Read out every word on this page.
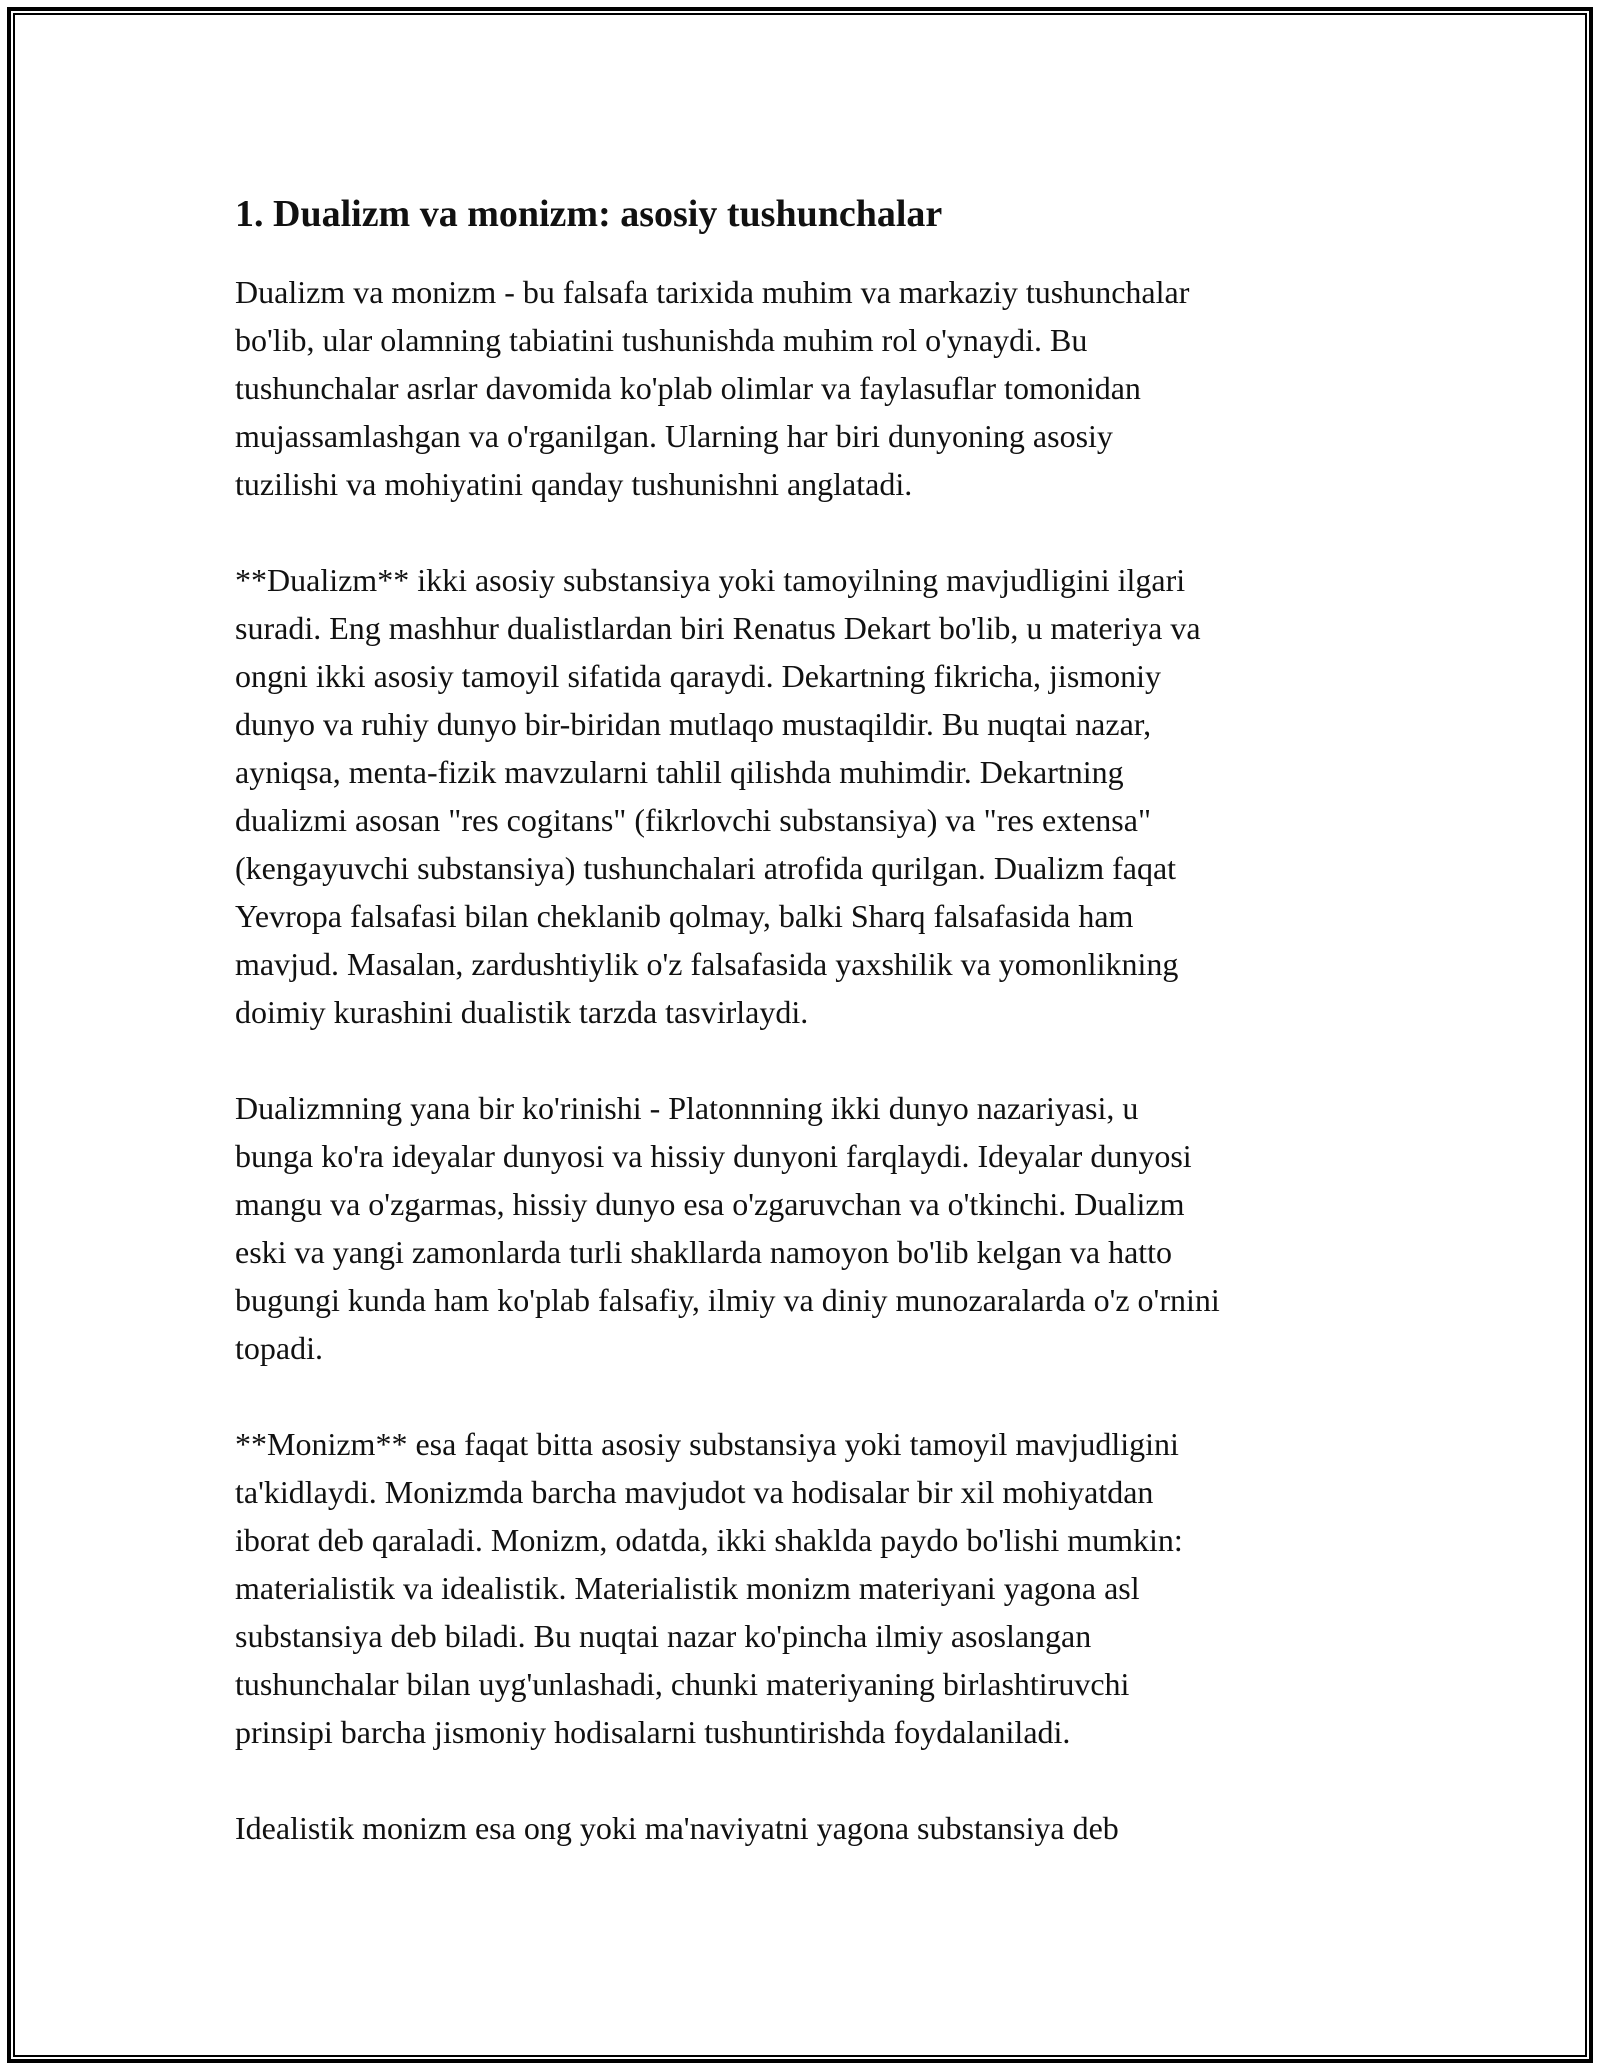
1. Dualizm va monizm: asosiy tushunchalar
Dualizm va monizm - bu falsafa tarixida muhim va markaziy tushunchalar
bo'lib, ular olamning tabiatini tushunishda muhim rol o'ynaydi. Bu
tushunchalar asrlar davomida ko'plab olimlar va faylasuflar tomonidan
mujassamlashgan va o'rganilgan. Ularning har biri dunyoning asosiy
tuzilishi va mohiyatini qanday tushunishni anglatadi.
**Dualizm** ikki asosiy substansiya yoki tamoyilning mavjudligini ilgari
suradi. Eng mashhur dualistlardan biri Renatus Dekart bo'lib, u materiya va
ongni ikki asosiy tamoyil sifatida qaraydi. Dekartning fikricha, jismoniy
dunyo va ruhiy dunyo bir-biridan mutlaqo mustaqildir. Bu nuqtai nazar,
ayniqsa, menta-fizik mavzularni tahlil qilishda muhimdir. Dekartning
dualizmi asosan "res cogitans" (fikrlovchi substansiya) va "res extensa"
(kengayuvchi substansiya) tushunchalari atrofida qurilgan. Dualizm faqat
Yevropa falsafasi bilan cheklanib qolmay, balki Sharq falsafasida ham
mavjud. Masalan, zardushtiylik o'z falsafasida yaxshilik va yomonlikning
doimiy kurashini dualistik tarzda tasvirlaydi.
Dualizmning yana bir ko'rinishi - Platonnning ikki dunyo nazariyasi, u
bunga ko'ra ideyalar dunyosi va hissiy dunyoni farqlaydi. Ideyalar dunyosi
mangu va o'zgarmas, hissiy dunyo esa o'zgaruvchan va o'tkinchi. Dualizm
eski va yangi zamonlarda turli shakllarda namoyon bo'lib kelgan va hatto
bugungi kunda ham ko'plab falsafiy, ilmiy va diniy munozaralarda o'z o'rnini
topadi.
**Monizm** esa faqat bitta asosiy substansiya yoki tamoyil mavjudligini
ta'kidlaydi. Monizmda barcha mavjudot va hodisalar bir xil mohiyatdan
iborat deb qaraladi. Monizm, odatda, ikki shaklda paydo bo'lishi mumkin:
materialistik va idealistik. Materialistik monizm materiyani yagona asl
substansiya deb biladi. Bu nuqtai nazar ko'pincha ilmiy asoslangan
tushunchalar bilan uyg'unlashadi, chunki materiyaning birlashtiruvchi
prinsipi barcha jismoniy hodisalarni tushuntirishda foydalaniladi.
Idealistik monizm esa ong yoki ma'naviyatni yagona substansiya deb
